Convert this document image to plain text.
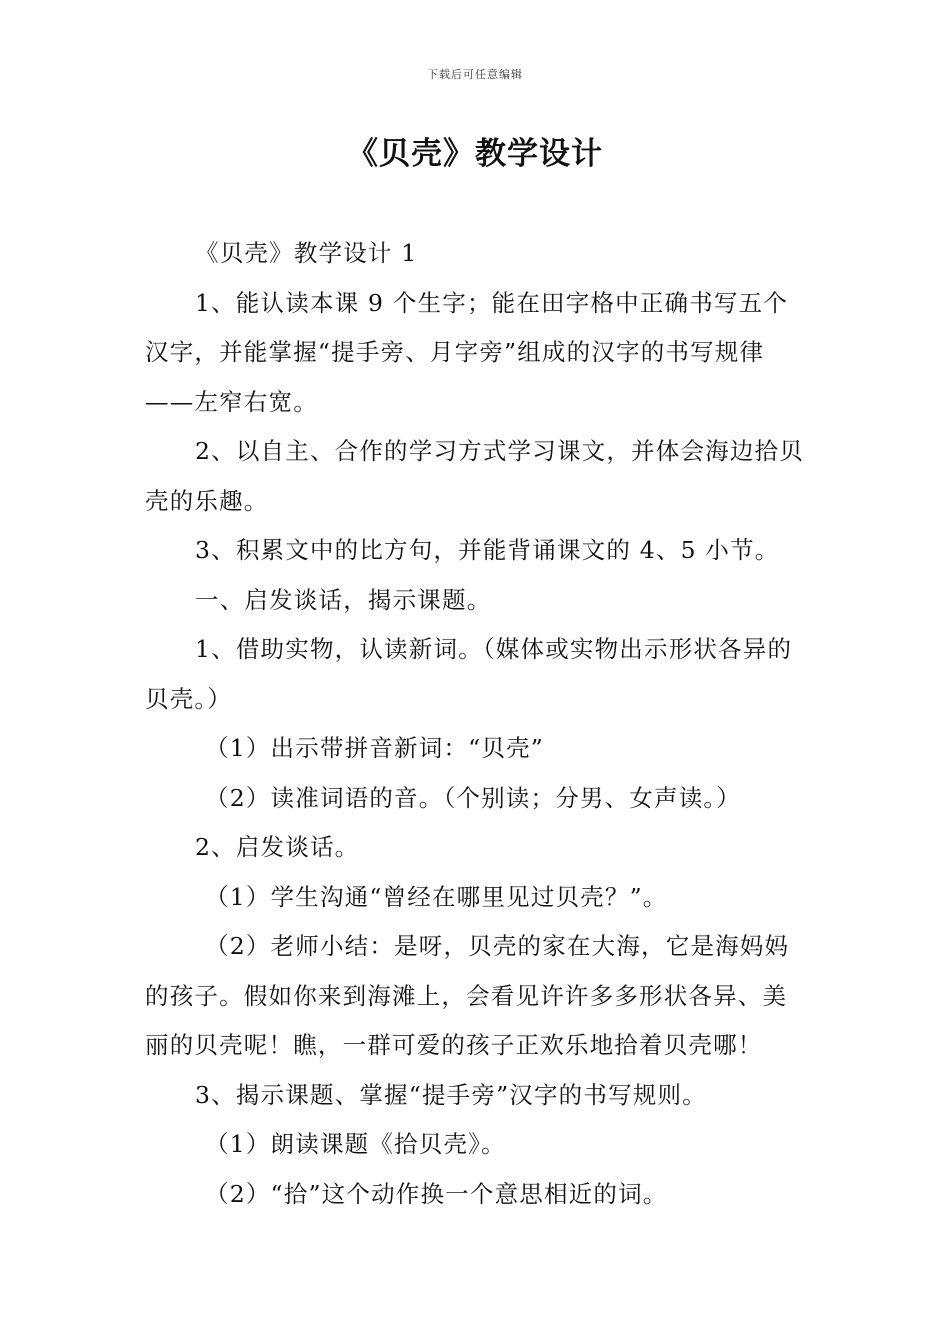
下载后可任意编辑
《贝壳》教学设计

《贝壳》教学设计 1

1、能认读本课 9 个生字；能在田字格中正确书写五个汉字，并能掌握“提手旁、月字旁”组成的汉字的书写规律——左窄右宽。

2、以自主、合作的学习方式学习课文，并体会海边拾贝壳的乐趣。

3、积累文中的比方句，并能背诵课文的 4、5 小节。

一、启发谈话，揭示课题。

1、借助实物，认读新词。（媒体或实物出示形状各异的贝壳。）

（1）出示带拼音新词：“贝壳”

（2）读准词语的音。（个别读；分男、女声读。）

2、启发谈话。

（1）学生沟通“曾经在哪里见过贝壳？”。

（2）老师小结：是呀，贝壳的家在大海，它是海妈妈的孩子。假如你来到海滩上，会看见许许多多形状各异、美丽的贝壳呢！瞧，一群可爱的孩子正欢乐地拾着贝壳哪！

3、揭示课题、掌握“提手旁”汉字的书写规则。

（1）朗读课题《拾贝壳》。

（2）“拾”这个动作换一个意思相近的词。
